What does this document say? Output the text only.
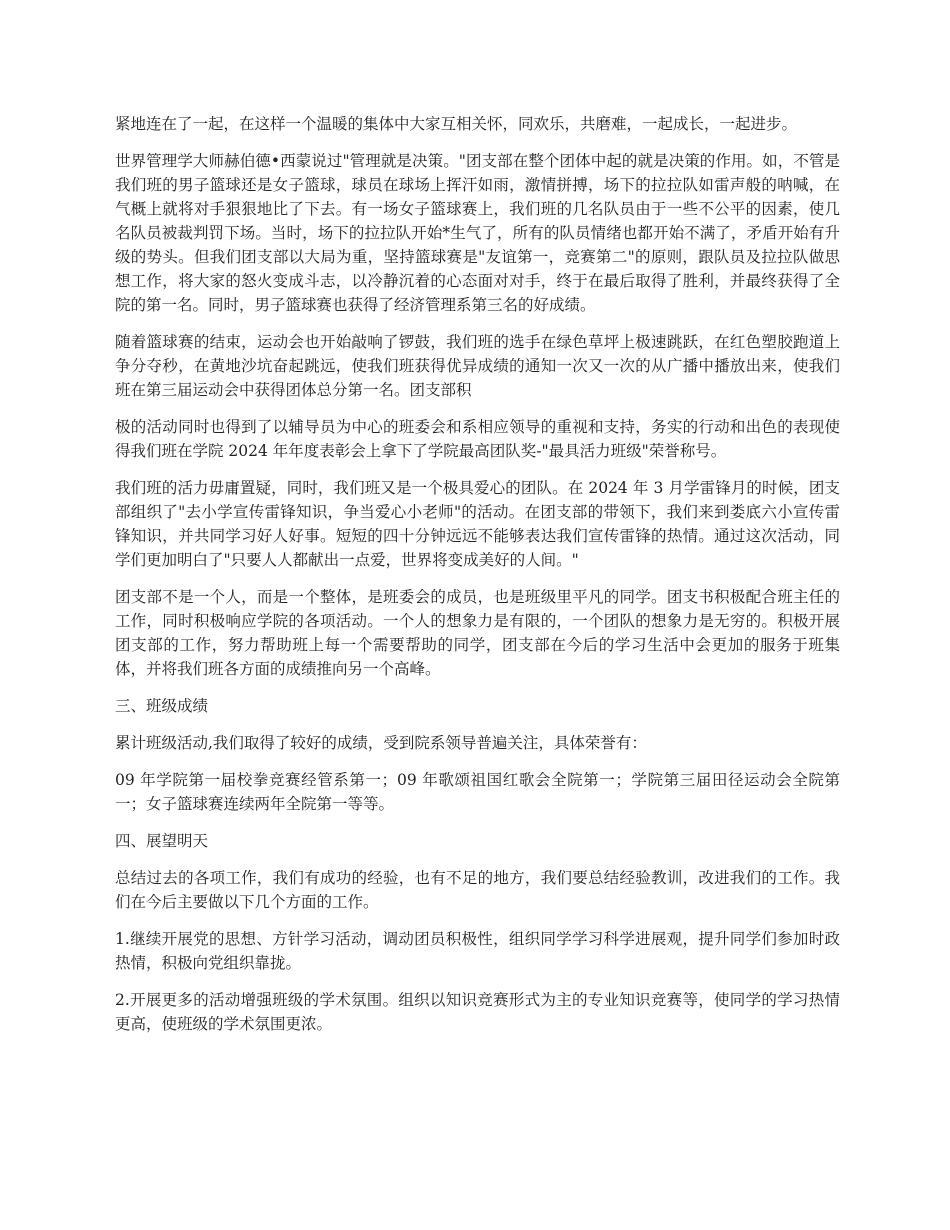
紧地连在了一起，在这样一个温暖的集体中大家互相关怀，同欢乐，共磨难，一起成长，一起进步。

世界管理学大师赫伯德•西蒙说过"管理就是决策。"团支部在整个团体中起的就是决策的作用。如，不管是我们班的男子篮球还是女子篮球，球员在球场上挥汗如雨，激情拼搏，场下的拉拉队如雷声般的呐喊，在气概上就将对手狠狠地比了下去。有一场女子篮球赛上，我们班的几名队员由于一些不公平的因素，使几名队员被裁判罚下场。当时，场下的拉拉队开始*生气了，所有的队员情绪也都开始不满了，矛盾开始有升级的势头。但我们团支部以大局为重，坚持篮球赛是"友谊第一，竞赛第二"的原则，跟队员及拉拉队做思想工作，将大家的怒火变成斗志，以冷静沉着的心态面对对手，终于在最后取得了胜利，并最终获得了全院的第一名。同时，男子篮球赛也获得了经济管理系第三名的好成绩。

随着篮球赛的结束，运动会也开始敲响了锣鼓，我们班的选手在绿色草坪上极速跳跃，在红色塑胶跑道上争分夺秒，在黄地沙坑奋起跳远，使我们班获得优异成绩的通知一次又一次的从广播中播放出来，使我们班在第三届运动会中获得团体总分第一名。团支部积

极的活动同时也得到了以辅导员为中心的班委会和系相应领导的重视和支持，务实的行动和出色的表现使得我们班在学院 2024 年年度表彰会上拿下了学院最高团队奖-"最具活力班级"荣誉称号。

我们班的活力毋庸置疑，同时，我们班又是一个极具爱心的团队。在 2024 年 3 月学雷锋月的时候，团支部组织了"去小学宣传雷锋知识，争当爱心小老师"的活动。在团支部的带领下，我们来到娄底六小宣传雷锋知识，并共同学习好人好事。短短的四十分钟远远不能够表达我们宣传雷锋的热情。通过这次活动，同学们更加明白了"只要人人都献出一点爱，世界将变成美好的人间。"

团支部不是一个人，而是一个整体，是班委会的成员，也是班级里平凡的同学。团支书积极配合班主任的工作，同时积极响应学院的各项活动。一个人的想象力是有限的，一个团队的想象力是无穷的。积极开展团支部的工作，努力帮助班上每一个需要帮助的同学，团支部在今后的学习生活中会更加的服务于班集体，并将我们班各方面的成绩推向另一个高峰。

三、班级成绩

累计班级活动,我们取得了较好的成绩，受到院系领导普遍关注，具体荣誉有：

09 年学院第一届校拳竞赛经管系第一；09 年歌颂祖国红歌会全院第一；学院第三届田径运动会全院第一；女子篮球赛连续两年全院第一等等。

四、展望明天

总结过去的各项工作，我们有成功的经验，也有不足的地方，我们要总结经验教训，改进我们的工作。我们在今后主要做以下几个方面的工作。

1.继续开展党的思想、方针学习活动，调动团员积极性，组织同学学习科学进展观，提升同学们参加时政热情，积极向党组织靠拢。

2.开展更多的活动增强班级的学术氛围。组织以知识竞赛形式为主的专业知识竞赛等，使同学的学习热情更高，使班级的学术氛围更浓。
